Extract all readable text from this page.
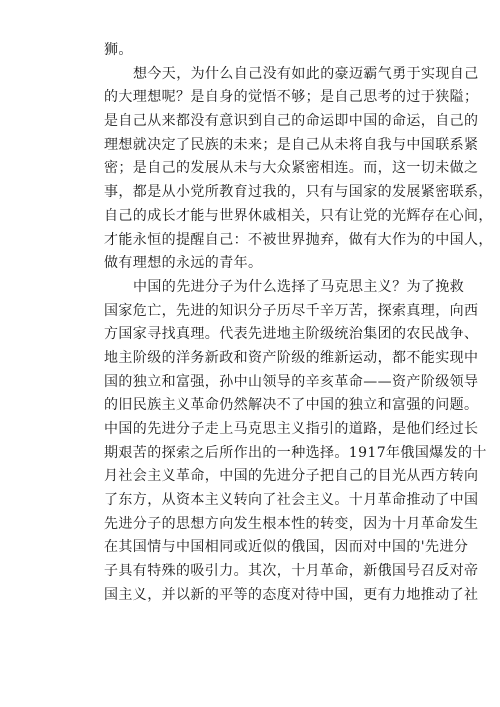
狮。
想今天，为什么自己没有如此的豪迈霸气勇于实现自己
的大理想呢？是自身的觉悟不够；是自己思考的过于狭隘；
是自己从来都没有意识到自己的命运即中国的命运，自己的
理想就决定了民族的未来；是自己从未将自我与中国联系紧
密；是自己的发展从未与大众紧密相连。而，这一切未做之
事，都是从小党所教育过我的，只有与国家的发展紧密联系，
自己的成长才能与世界休戚相关，只有让党的光辉存在心间，
才能永恒的提醒自己：不被世界抛弃，做有大作为的中国人，
做有理想的永远的青年。
中国的先进分子为什么选择了马克思主义？为了挽救
国家危亡，先进的知识分子历尽千辛万苦，探索真理，向西
方国家寻找真理。代表先进地主阶级统治集团的农民战争、
地主阶级的洋务新政和资产阶级的维新运动，都不能实现中
国的独立和富强，孙中山领导的辛亥革命——资产阶级领导
的旧民族主义革命仍然解决不了中国的独立和富强的问题。
中国的先进分子走上马克思主义指引的道路，是他们经过长
期艰苦的探索之后所作出的一种选择。1917年俄国爆发的十
月社会主义革命，中国的先进分子把自己的目光从西方转向
了东方，从资本主义转向了社会主义。十月革命推动了中国
先进分子的思想方向发生根本性的转变，因为十月革命发生
在其国情与中国相同或近似的俄国，因而对中国的'先进分
子具有特殊的吸引力。其次，十月革命，新俄国号召反对帝
国主义，并以新的平等的态度对待中国，更有力地推动了社
